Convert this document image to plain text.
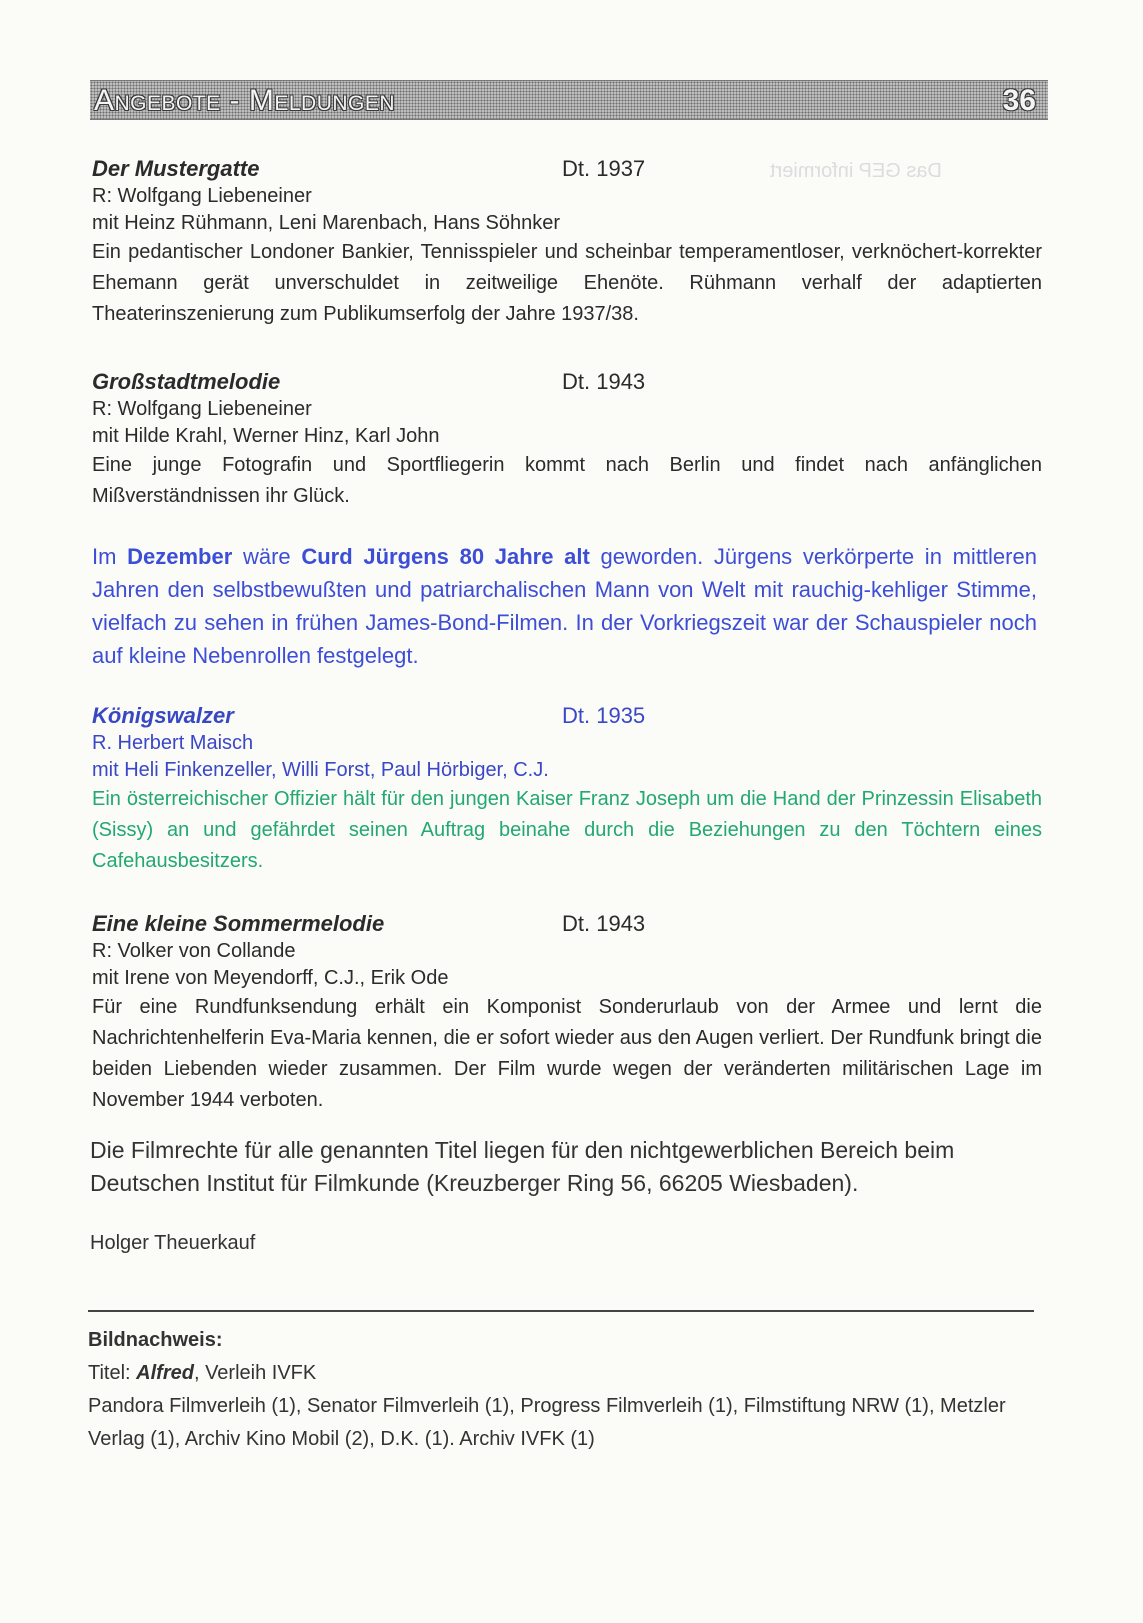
Das GEP informiert
Angebote - Meldungen	36
Der Mustergatte	Dt. 1937
R: Wolfgang Liebeneiner
mit Heinz Rühmann, Leni Marenbach, Hans Söhnker
Ein pedantischer Londoner Bankier, Tennisspieler und scheinbar temperamentloser, verknöchert-korrekter Ehemann gerät unverschuldet in zeitweilige Ehenöte. Rühmann verhalf der adaptierten Theaterinszenierung zum Publikumserfolg der Jahre 1937/38.
Großstadtmelodie	Dt. 1943
R: Wolfgang Liebeneiner
mit Hilde Krahl, Werner Hinz, Karl John
Eine junge Fotografin und Sportfliegerin kommt nach Berlin und findet nach anfänglichen Mißverständnissen ihr Glück.
Im Dezember wäre Curd Jürgens 80 Jahre alt geworden. Jürgens verkörperte in mittleren Jahren den selbstbewußten und patriarchalischen Mann von Welt mit rauchig-kehliger Stimme, vielfach zu sehen in frühen James-Bond-Filmen. In der Vorkriegszeit war der Schauspieler noch auf kleine Nebenrollen festgelegt.
Königswalzer	Dt. 1935
R. Herbert Maisch
mit Heli Finkenzeller, Willi Forst, Paul Hörbiger, C.J.
Ein österreichischer Offizier hält für den jungen Kaiser Franz Joseph um die Hand der Prinzessin Elisabeth (Sissy) an und gefährdet seinen Auftrag beinahe durch die Beziehungen zu den Töchtern eines Cafehausbesitzers.
Eine kleine Sommermelodie	Dt. 1943
R: Volker von Collande
mit Irene von Meyendorff, C.J., Erik Ode
Für eine Rundfunksendung erhält ein Komponist Sonderurlaub von der Armee und lernt die Nachrichtenhelferin Eva-Maria kennen, die er sofort wieder aus den Augen verliert. Der Rundfunk bringt die beiden Liebenden wieder zusammen. Der Film wurde wegen der veränderten militärischen Lage im November 1944 verboten.
Die Filmrechte für alle genannten Titel liegen für den nichtgewerblichen Bereich beim Deutschen Institut für Filmkunde (Kreuzberger Ring 56, 66205 Wiesbaden).
Holger Theuerkauf
Bildnachweis:
Titel: Alfred, Verleih IVFK
Pandora Filmverleih (1), Senator Filmverleih (1), Progress Filmverleih (1), Filmstiftung NRW (1), Metzler Verlag (1), Archiv Kino Mobil (2), D.K. (1). Archiv IVFK (1)
